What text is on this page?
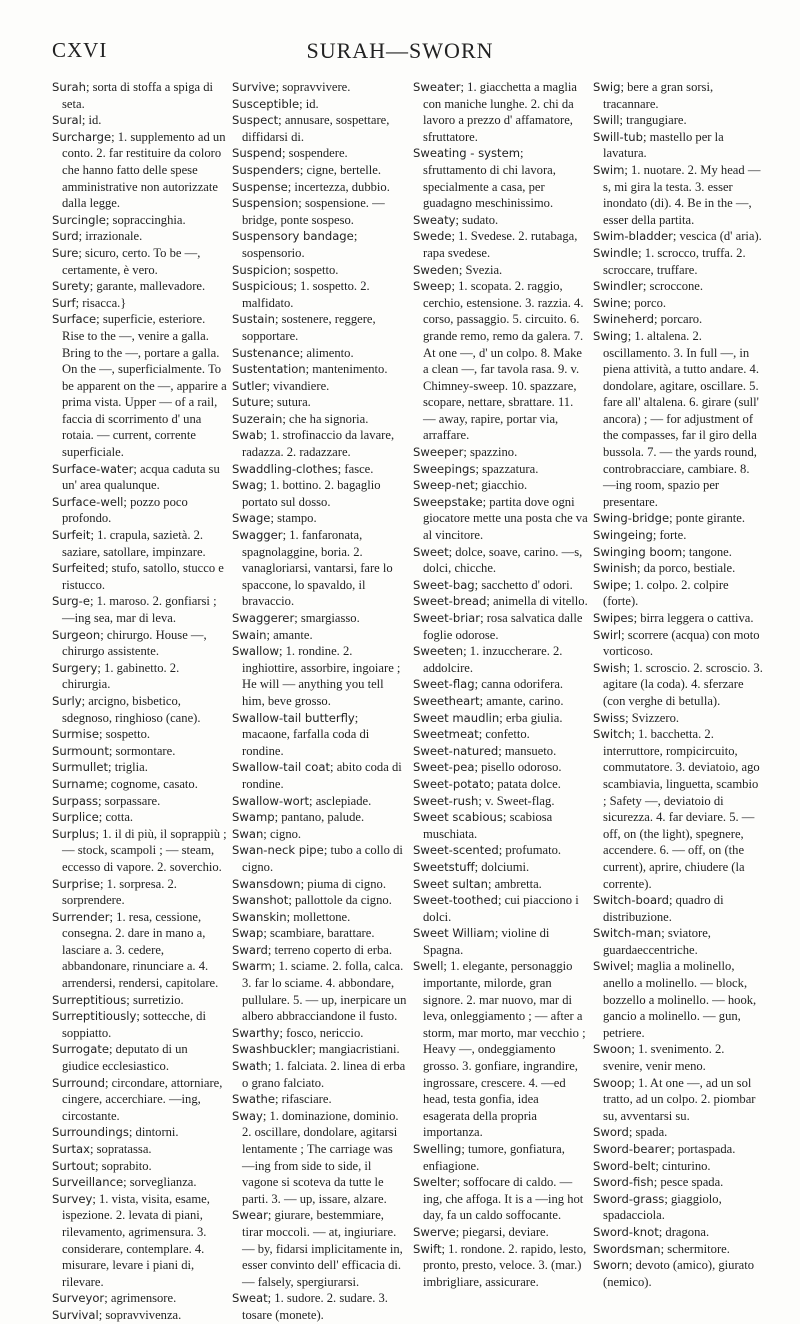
CXVI	SURAH—SWORN

Surah; sorta di stoffa a spiga di seta.

Sural; id.

Surcharge; 1. supplemento ad un conto. 2. far restituire da coloro che hanno fatto delle spese amministrative non autorizzate dalla legge.

Surcingle; sopraccinghia.

Surd; irrazionale.

Sure; sicuro, certo. To be —, certamente, è vero.

Surety; garante, mallevadore.

Surf; risacca.}

Surface; superficie, esteriore. Rise to the —, venire a galla. Bring to the —, portare a galla. On the —, superficialmente. To be apparent on the —, apparire a prima vista. Upper — of a rail, faccia di scorrimento d' una rotaia. — current, corrente superficiale.

Surface-water; acqua caduta su un' area qualunque.

Surface-well; pozzo poco profondo.

Surfeit; 1. crapula, sazietà. 2. saziare, satollare, impinzare.

Surfeited; stufo, satollo, stucco e ristucco.

Surg-e; 1. maroso. 2. gonfiarsi ; —ing sea, mar di leva.

Surgeon; chirurgo. House —, chirurgo assistente.

Surgery; 1. gabinetto. 2. chirurgia.

Surly; arcigno, bisbetico, sdegnoso, ringhioso (cane).

Surmise; sospetto.

Surmount; sormontare.

Surmullet; triglia.

Surname; cognome, casato.

Surpass; sorpassare.

Surplice; cotta.

Surplus; 1. il di più, il soprappiù ; — stock, scampoli ; — steam, eccesso di vapore. 2. soverchio.

Surprise; 1. sorpresa. 2. sorprendere.

Surrender; 1. resa, cessione, consegna. 2. dare in mano a, lasciare a. 3. cedere, abbandonare, rinunciare a. 4. arrendersi, rendersi, capitolare.

Surreptitious; surretizio.

Surreptitiously; sottecche, di soppiatto.

Surrogate; deputato di un giudice ecclesiastico.

Surround; circondare, attorniare, cingere, accerchiare. —ing, circostante.

Surroundings; dintorni.

Surtax; sopratassa.

Surtout; soprabito.

Surveillance; sorveglianza.

Survey; 1. vista, visita, esame, ispezione. 2. levata di piani, rilevamento, agrimensura. 3. considerare, contemplare. 4. misurare, levare i piani di, rilevare.

Surveyor; agrimensore.

Survival; sopravvivenza.

Survive; sopravvivere.

Susceptible; id.

Suspect; annusare, sospettare, diffidarsi di.

Suspend; sospendere.

Suspenders; cigne, bertelle.

Suspense; incertezza, dubbio.

Suspension; sospensione. — bridge, ponte sospeso.

Suspensory bandage; sospensorio.

Suspicion; sospetto.

Suspicious; 1. sospetto. 2. malfidato.

Sustain; sostenere, reggere, sopportare.

Sustenance; alimento.

Sustentation; mantenimento.

Sutler; vivandiere.

Suture; sutura.

Suzerain; che ha signoria.

Swab; 1. strofinaccio da lavare, radazza. 2. radazzare.

Swaddling-clothes; fasce.

Swag; 1. bottino. 2. bagaglio portato sul dosso.

Swage; stampo.

Swagger; 1. fanfaronata, spagnolaggine, boria. 2. vanagloriarsi, vantarsi, fare lo spaccone, lo spavaldo, il bravaccio.

Swaggerer; smargiasso.

Swain; amante.

Swallow; 1. rondine. 2. inghiottire, assorbire, ingoiare ; He will — anything you tell him, beve grosso.

Swallow-tail butterfly; macaone, farfalla coda di rondine.

Swallow-tail coat; abito coda di rondine.

Swallow-wort; asclepiade.

Swamp; pantano, palude.

Swan; cigno.

Swan-neck pipe; tubo a collo di cigno.

Swansdown; piuma di cigno.

Swanshot; pallottole da cigno.

Swanskin; mollettone.

Swap; scambiare, barattare.

Sward; terreno coperto di erba.

Swarm; 1. sciame. 2. folla, calca. 3. far lo sciame. 4. abbondare, pullulare. 5. — up, inerpicare un albero abbracciandone il fusto.

Swarthy; fosco, nericcio.

Swashbuckler; mangiacristiani.

Swath; 1. falciata. 2. linea di erba o grano falciato.

Swathe; rifasciare.

Sway; 1. dominazione, dominio. 2. oscillare, dondolare, agitarsi lentamente ; The carriage was —ing from side to side, il vagone si scoteva da tutte le parti. 3. — up, issare, alzare.

Swear; giurare, bestemmiare, tirar moccoli. — at, ingiuriare. — by, fidarsi implicitamente in, esser convinto dell' efficacia di. — falsely, spergiurarsi.

Sweat; 1. sudore. 2. sudare. 3. tosare (monete).

Sweater; 1. giacchetta a maglia con maniche lunghe. 2. chi da lavoro a prezzo d' affamatore, sfruttatore.

Sweating - system; sfruttamento di chi lavora, specialmente a casa, per guadagno meschinissimo.

Sweaty; sudato.

Swede; 1. Svedese. 2. rutabaga, rapa svedese.

Sweden; Svezia.

Sweep; 1. scopata. 2. raggio, cerchio, estensione. 3. razzia. 4. corso, passaggio. 5. circuito. 6. grande remo, remo da galera. 7. At one —, d' un colpo. 8. Make a clean —, far tavola rasa. 9. v. Chimney-sweep. 10. spazzare, scopare, nettare, sbrattare. 11. — away, rapire, portar via, arraffare.

Sweeper; spazzino.

Sweepings; spazzatura.

Sweep-net; giacchio.

Sweepstake; partita dove ogni giocatore mette una posta che va al vincitore.

Sweet; dolce, soave, carino. —s, dolci, chicche.

Sweet-bag; sacchetto d' odori.

Sweet-bread; animella di vitello.

Sweet-briar; rosa salvatica dalle foglie odorose.

Sweeten; 1. inzuccherare. 2. addolcire.

Sweet-flag; canna odorifera.

Sweetheart; amante, carino.

Sweet maudlin; erba giulia.

Sweetmeat; confetto.

Sweet-natured; mansueto.

Sweet-pea; pisello odoroso.

Sweet-potato; patata dolce.

Sweet-rush; v. Sweet-flag.

Sweet scabious; scabiosa muschiata.

Sweet-scented; profumato.

Sweetstuff; dolciumi.

Sweet sultan; ambretta.

Sweet-toothed; cui piacciono i dolci.

Sweet William; violine di Spagna.

Swell; 1. elegante, personaggio importante, milorde, gran signore. 2. mar nuovo, mar di leva, onleggiamento ; — after a storm, mar morto, mar vecchio ; Heavy —, ondeggiamento grosso. 3. gonfiare, ingrandire, ingrossare, crescere. 4. —ed head, testa gonfia, idea esagerata della propria importanza.

Swelling; tumore, gonfiatura, enfiagione.

Swelter; soffocare di caldo. —ing, che affoga. It is a —ing hot day, fa un caldo soffocante.

Swerve; piegarsi, deviare.

Swift; 1. rondone. 2. rapido, lesto, pronto, presto, veloce. 3. (mar.) imbrigliare, assicurare.

Swig; bere a gran sorsi, tracannare.

Swill; trangugiare.

Swill-tub; mastello per la lavatura.

Swim; 1. nuotare. 2. My head —s, mi gira la testa. 3. esser inondato (di). 4. Be in the —, esser della partita.

Swim-bladder; vescica (d' aria).

Swindle; 1. scrocco, truffa. 2. scroccare, truffare.

Swindler; scroccone.

Swine; porco.

Swineherd; porcaro.

Swing; 1. altalena. 2. oscillamento. 3. In full —, in piena attività, a tutto andare. 4. dondolare, agitare, oscillare. 5. fare all' altalena. 6. girare (sull' ancora) ; — for adjustment of the compasses, far il giro della bussola. 7. — the yards round, controbracciare, cambiare. 8. —ing room, spazio per presentare.

Swing-bridge; ponte girante.

Swingeing; forte.

Swinging boom; tangone.

Swinish; da porco, bestiale.

Swipe; 1. colpo. 2. colpire (forte).

Swipes; birra leggera o cattiva.

Swirl; scorrere (acqua) con moto vorticoso.

Swish; 1. scroscio. 2. scroscio. 3. agitare (la coda). 4. sferzare (con verghe di betulla).

Swiss; Svizzero.

Switch; 1. bacchetta. 2. interruttore, rompicircuito, commutatore. 3. deviatoio, ago scambiavia, linguetta, scambio ; Safety —, deviatoio di sicurezza. 4. far deviare. 5. — off, on (the light), spegnere, accendere. 6. — off, on (the current), aprire, chiudere (la corrente).

Switch-board; quadro di distribuzione.

Switch-man; sviatore, guardaeccentriche.

Swivel; maglia a molinello, anello a molinello. — block, bozzello a molinello. — hook, gancio a molinello. — gun, petriere.

Swoon; 1. svenimento. 2. svenire, venir meno.

Swoop; 1. At one —, ad un sol tratto, ad un colpo. 2. piombar su, avventarsi su.

Sword; spada.

Sword-bearer; portaspada.

Sword-belt; cinturino.

Sword-fish; pesce spada.

Sword-grass; giaggiolo, spadacciola.

Sword-knot; dragona.

Swordsman; schermitore.

Sworn; devoto (amico), giurato (nemico).
